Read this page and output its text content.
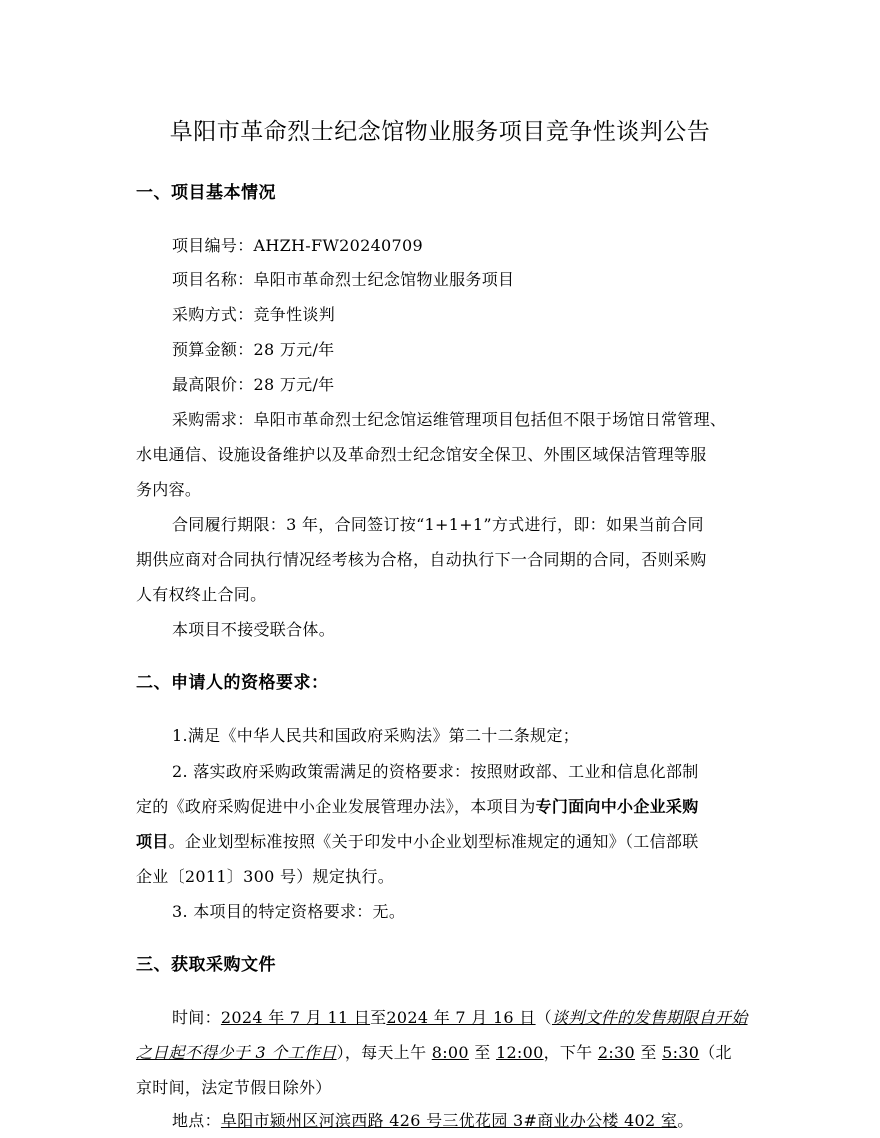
阜阳市革命烈士纪念馆物业服务项目竞争性谈判公告
一、项目基本情况
项目编号：AHZH-FW20240709
项目名称：阜阳市革命烈士纪念馆物业服务项目
采购方式：竞争性谈判
预算金额：28 万元/年
最高限价：28 万元/年
采购需求：阜阳市革命烈士纪念馆运维管理项目包括但不限于场馆日常管理、
水电通信、设施设备维护以及革命烈士纪念馆安全保卫、外围区域保洁管理等服
务内容。
合同履行期限：3 年，合同签订按“1+1+1”方式进行，即：如果当前合同
期供应商对合同执行情况经考核为合格，自动执行下一合同期的合同，否则采购
人有权终止合同。
本项目不接受联合体。
二、申请人的资格要求：
1.满足《中华人民共和国政府采购法》第二十二条规定；
2. 落实政府采购政策需满足的资格要求：按照财政部、工业和信息化部制
定的《政府采购促进中小企业发展管理办法》，本项目为专门面向中小企业采购
项目。企业划型标准按照《关于印发中小企业划型标准规定的通知》（工信部联
企业〔2011〕300 号）规定执行。
3. 本项目的特定资格要求：无。
三、获取采购文件
时间：2024 年 7 月 11 日至2024 年 7 月 16 日（谈判文件的发售期限自开始
之日起不得少于 3 个工作日），每天上午 8:00 至 12:00，下午 2:30 至 5:30（北
京时间，法定节假日除外）
地点：阜阳市颍州区河滨西路 426 号三优花园 3#商业办公楼 402 室。
